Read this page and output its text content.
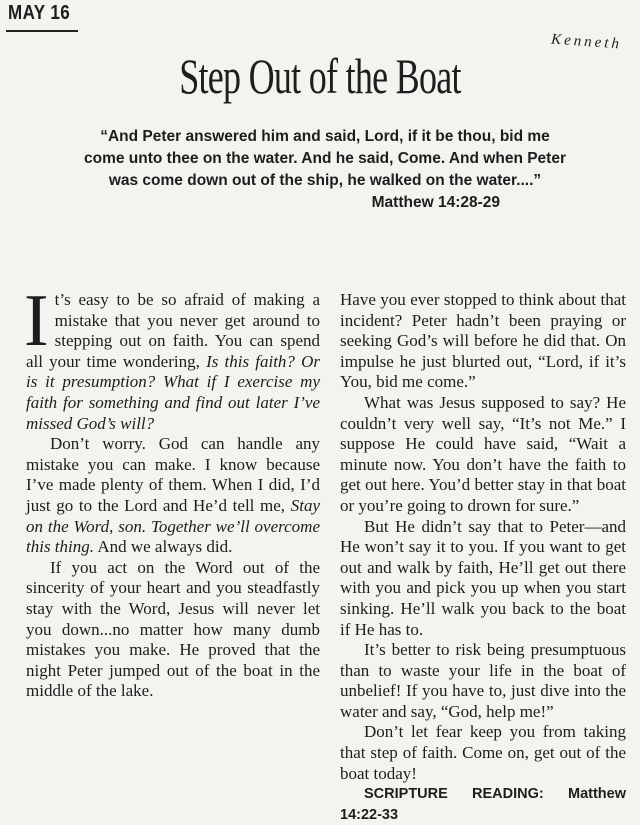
MAY 16
Kenneth
Step Out of the Boat

“And Peter answered him and said, Lord, if it be thou, bid me come unto thee on the water. And he said, Come. And when Peter was come down out of the ship, he walked on the water....”

Matthew 14:28-29

It’s easy to be so afraid of making a mistake that you never get around to stepping out on faith. You can spend all your time wondering, Is this faith? Or is it presumption? What if I exercise my faith for something and find out later I’ve missed God’s will?

Don’t worry. God can handle any mistake you can make. I know because I’ve made plenty of them. When I did, I’d just go to the Lord and He’d tell me, Stay on the Word, son. Together we’ll overcome this thing. And we always did.

If you act on the Word out of the sincerity of your heart and you steadfastly stay with the Word, Jesus will never let you down...no matter how many dumb mistakes you make. He proved that the night Peter jumped out of the boat in the middle of the lake.

Have you ever stopped to think about that incident? Peter hadn’t been praying or seeking God’s will before he did that. On impulse he just blurted out, “Lord, if it’s You, bid me come.”

What was Jesus supposed to say? He couldn’t very well say, “It’s not Me.” I suppose He could have said, “Wait a minute now. You don’t have the faith to get out here. You’d better stay in that boat or you’re going to drown for sure.”

But He didn’t say that to Peter—and He won’t say it to you. If you want to get out and walk by faith, He’ll get out there with you and pick you up when you start sinking. He’ll walk you back to the boat if He has to.

It’s better to risk being presumptuous than to waste your life in the boat of unbelief! If you have to, just dive into the water and say, “God, help me!”

Don’t let fear keep you from taking that step of faith. Come on, get out of the boat today!

SCRIPTURE READING: Matthew 14:22-33
